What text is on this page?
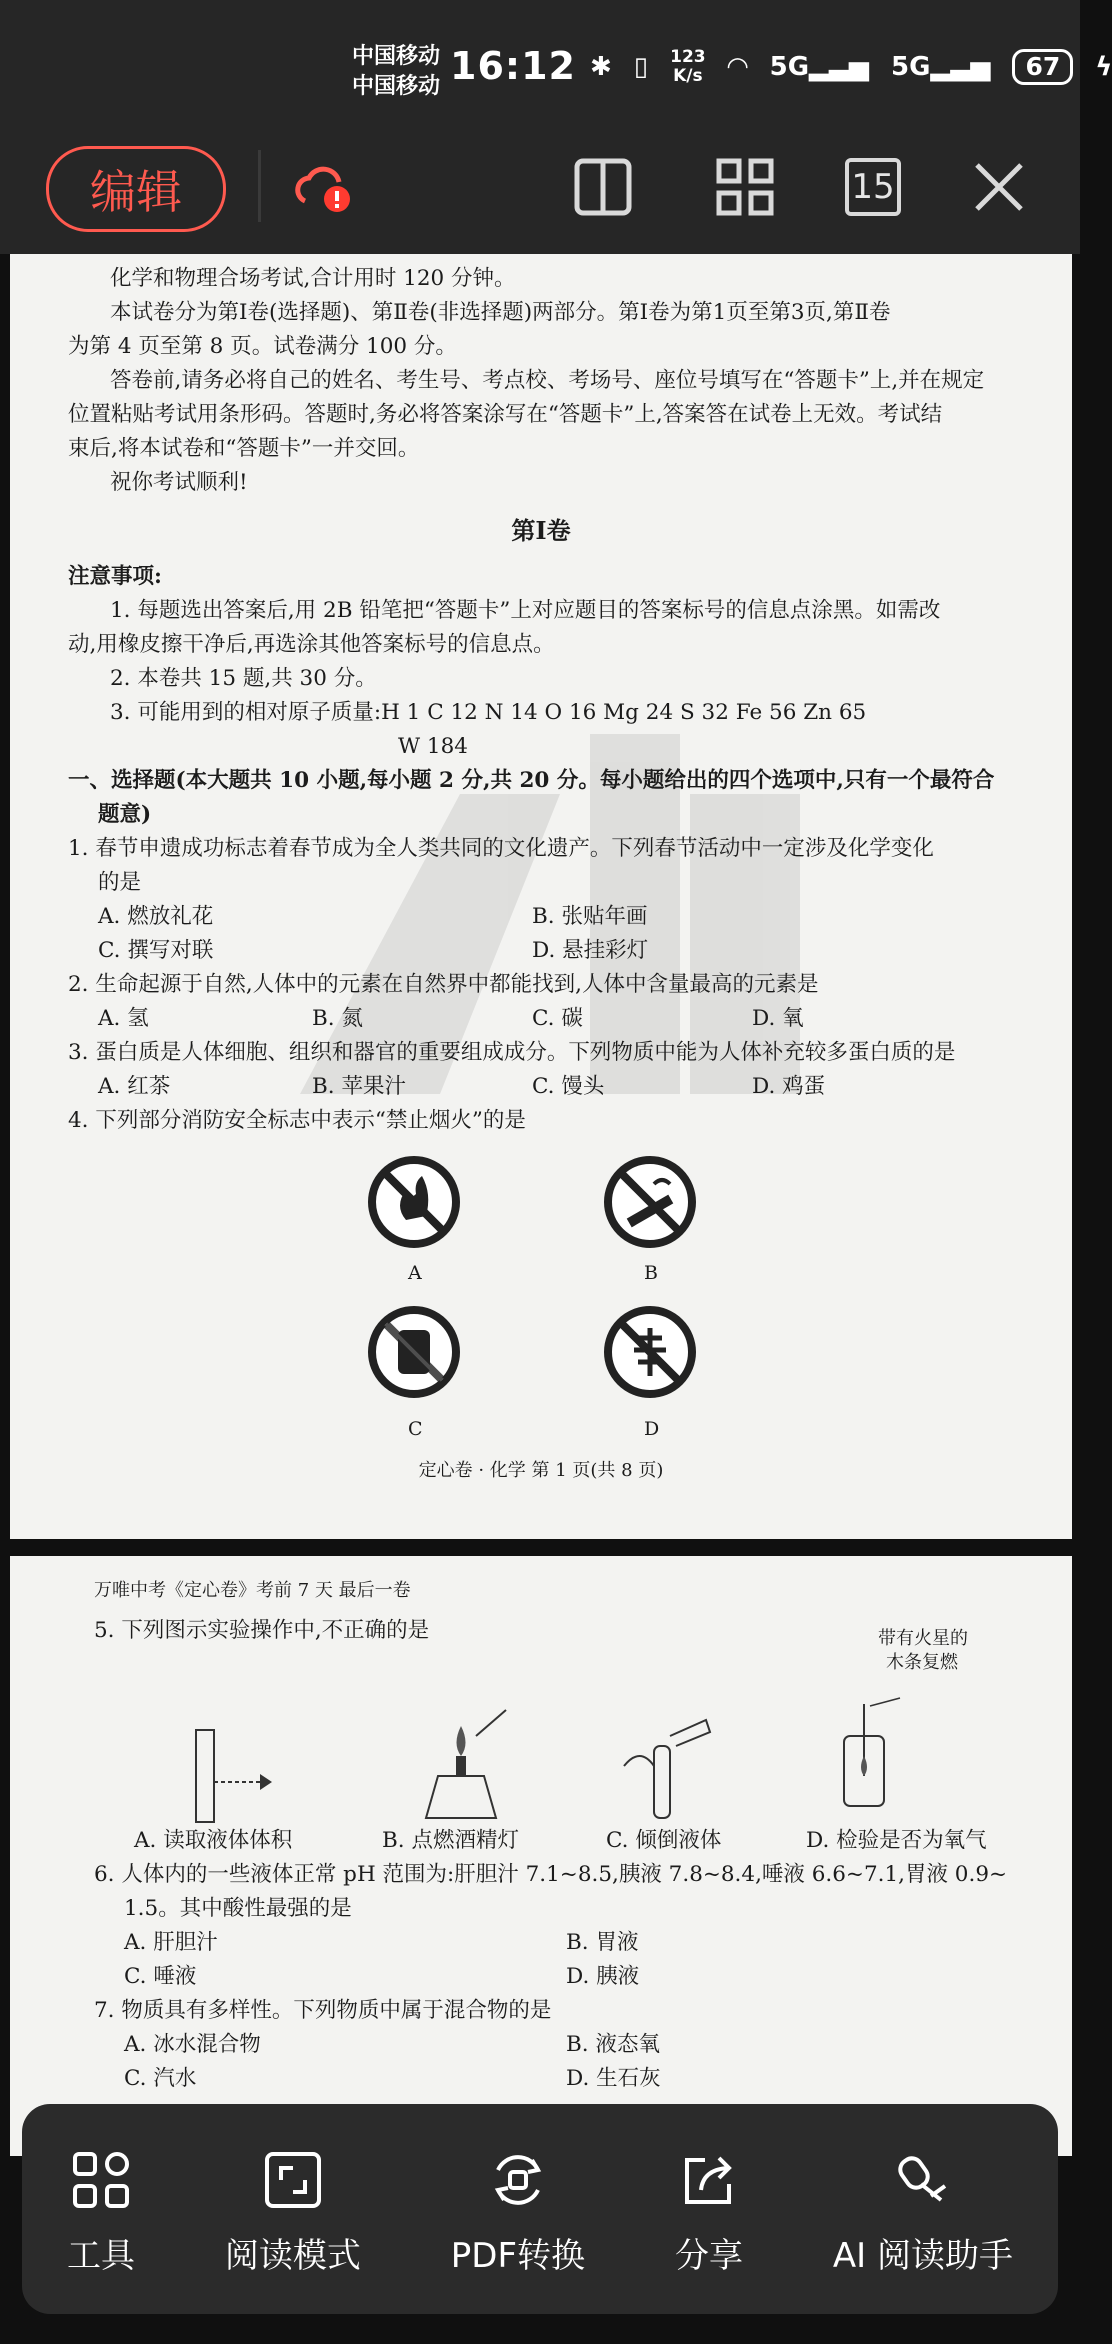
中国移动
中国移动 16:12 ✱ ▯ 123
K/s ◠ 5G▂▃▅ 5G▂▃▅	67	ϟ
编辑	15
化学和物理合场考试,合计用时 120 分钟。
本试卷分为第Ⅰ卷(选择题)、第Ⅱ卷(非选择题)两部分。第Ⅰ卷为第1页至第3页,第Ⅱ卷
为第 4 页至第 8 页。试卷满分 100 分。
答卷前,请务必将自己的姓名、考生号、考点校、考场号、座位号填写在“答题卡”上,并在规定
位置粘贴考试用条形码。答题时,务必将答案涂写在“答题卡”上,答案答在试卷上无效。考试结
束后,将本试卷和“答题卡”一并交回。
祝你考试顺利!
第Ⅰ卷
注意事项:
1. 每题选出答案后,用 2B 铅笔把“答题卡”上对应题目的答案标号的信息点涂黑。如需改
动,用橡皮擦干净后,再选涂其他答案标号的信息点。
2. 本卷共 15 题,共 30 分。
3. 可能用到的相对原子质量:H 1 C 12 N 14 O 16 Mg 24 S 32 Fe 56 Zn 65
W 184
一、选择题(本大题共 10 小题,每小题 2 分,共 20 分。每小题给出的四个选项中,只有一个最符合
题意)
1. 春节申遗成功标志着春节成为全人类共同的文化遗产。下列春节活动中一定涉及化学变化
的是
A. 燃放礼花	B. 张贴年画
C. 撰写对联	D. 悬挂彩灯
2. 生命起源于自然,人体中的元素在自然界中都能找到,人体中含量最高的元素是
A. 氢	B. 氮	C. 碳	D. 氧
3. 蛋白质是人体细胞、组织和器官的重要组成成分。下列物质中能为人体补充较多蛋白质的是
A. 红茶	B. 苹果汁	C. 馒头	D. 鸡蛋
4. 下列部分消防安全标志中表示“禁止烟火”的是
A	B
C	D
定心卷 · 化学 第 1 页(共 8 页)
万唯中考《定心卷》考前 7 天 最后一卷
5. 下列图示实验操作中,不正确的是	带有火星的
木条复燃
A. 读取液体体积	B. 点燃酒精灯	C. 倾倒液体	D. 检验是否为氧气
6. 人体内的一些液体正常 pH 范围为:肝胆汁 7.1~8.5,胰液 7.8~8.4,唾液 6.6~7.1,胃液 0.9~
1.5。其中酸性最强的是
A. 肝胆汁	B. 胃液
C. 唾液	D. 胰液
7. 物质具有多样性。下列物质中属于混合物的是
A. 冰水混合物	B. 液态氧
C. 汽水	D. 生石灰
工具	阅读模式	PDF转换	分享	AI 阅读助手
